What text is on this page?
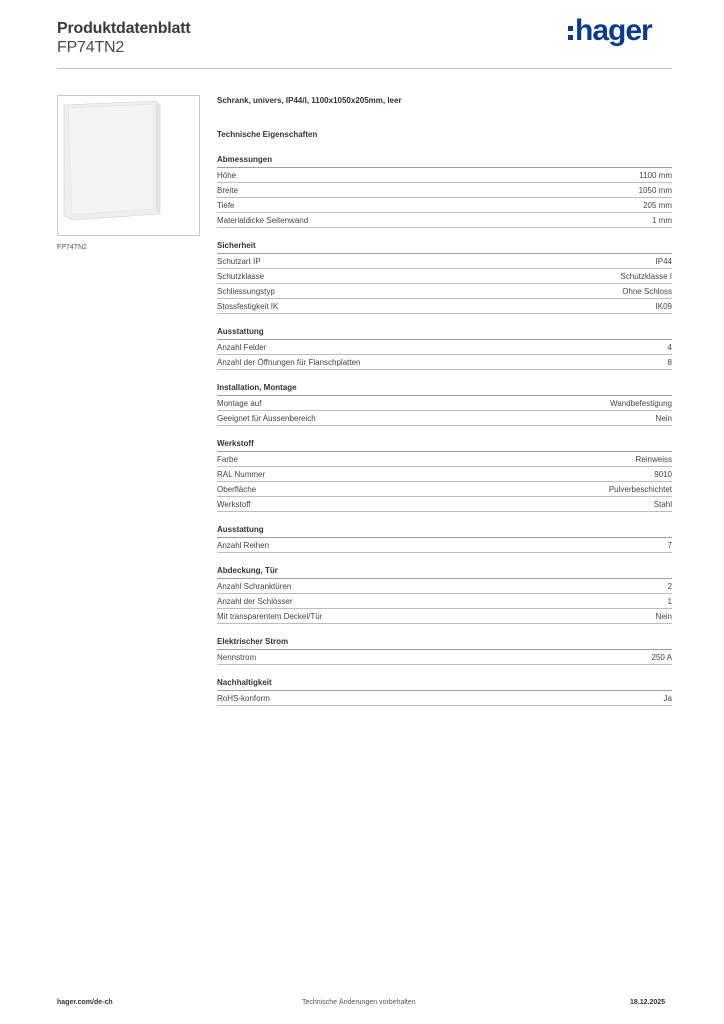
Produktdatenblatt
FP74TN2
hager
FP74TN2
Schrank, univers, IP44/I, 1100x1050x205mm, leer
Technische Eigenschaften
Abmessungen
Höhe	1100 mm
Breite	1050 mm
Tiefe	205 mm
Materialdicke Seitenwand	1 mm
Sicherheit
Schutzart IP	IP44
Schutzklasse	Schutzklasse I
Schliessungstyp	Ohne Schloss
Stossfestigkeit IK	IK09
Ausstattung
Anzahl Felder	4
Anzahl der Öffnungen für Flanschplatten	8
Installation, Montage
Montage auf	Wandbefestigung
Geeignet für Aussenbereich	Nein
Werkstoff
Farbe	Reinweiss
RAL Nummer	9010
Oberfläche	Pulverbeschichtet
Werkstoff	Stahl
Ausstattung
Anzahl Reihen	7
Abdeckung, Tür
Anzahl Schranktüren	2
Anzahl der Schlösser	1
Mit transparentem Deckel/Tür	Nein
Elektrischer Strom
Nennstrom	250 A
Nachhaltigkeit
RoHS-konform	Ja
hager.com/de-ch	Technische Änderungen vorbehalten	18.12.2025
